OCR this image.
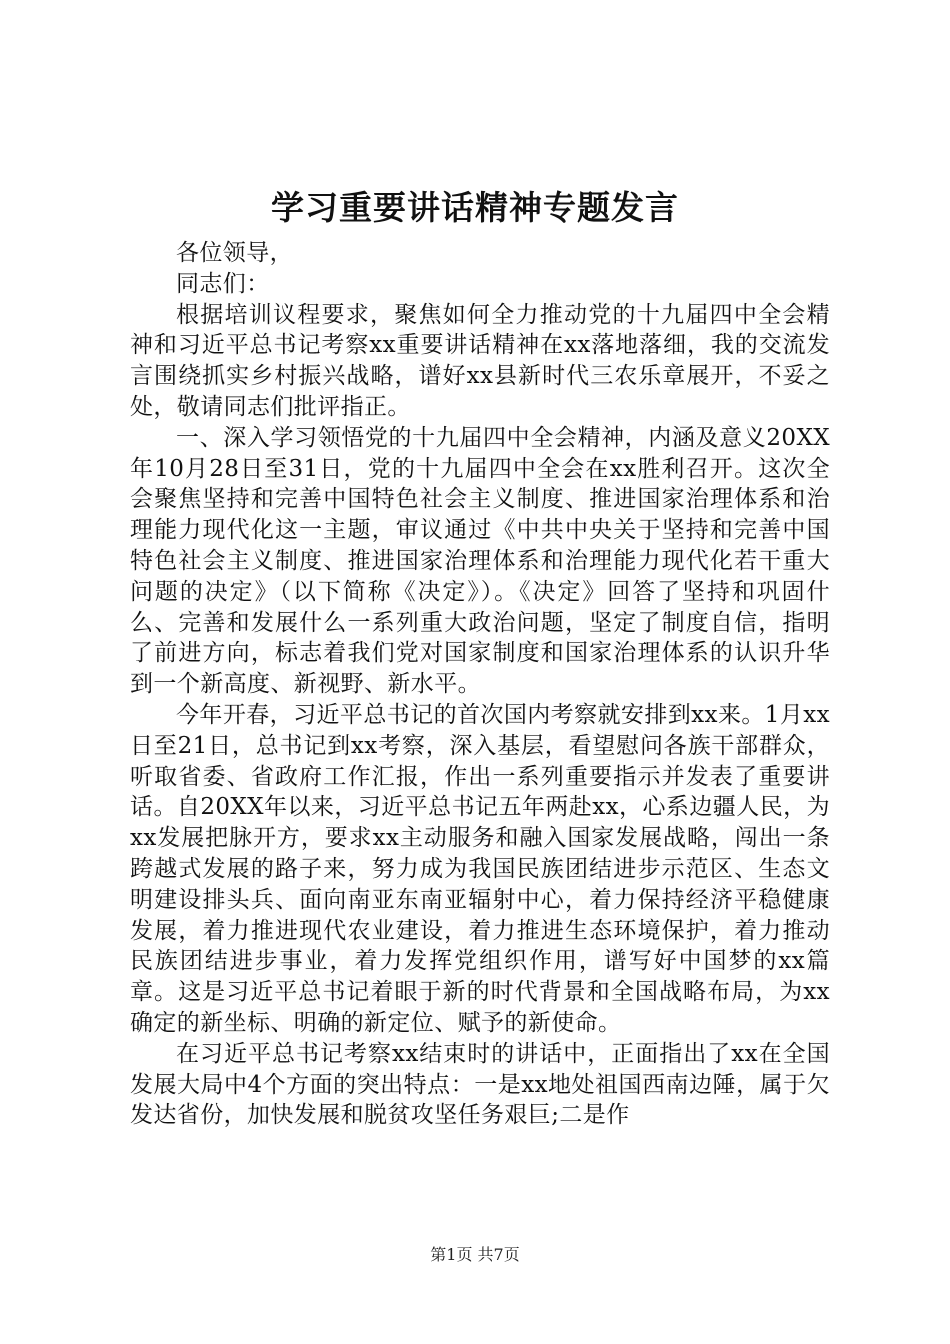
学习重要讲话精神专题发言

各位领导，

同志们：

根据培训议程要求，聚焦如何全力推动党的十九届四中全会精神和习近平总书记考察xx重要讲话精神在xx落地落细，我的交流发言围绕抓实乡村振兴战略，谱好xx县新时代三农乐章展开，不妥之处，敬请同志们批评指正。

一、深入学习领悟党的十九届四中全会精神，内涵及意义20XX年10月28日至31日，党的十九届四中全会在xx胜利召开。这次全会聚焦坚持和完善中国特色社会主义制度、推进国家治理体系和治理能力现代化这一主题，审议通过《中共中央关于坚持和完善中国特色社会主义制度、推进国家治理体系和治理能力现代化若干重大问题的决定》（以下简称《决定》）。《决定》回答了坚持和巩固什么、完善和发展什么一系列重大政治问题，坚定了制度自信，指明了前进方向，标志着我们党对国家制度和国家治理体系的认识升华到一个新高度、新视野、新水平。

今年开春，习近平总书记的首次国内考察就安排到xx来。1月xx日至21日，总书记到xx考察，深入基层，看望慰问各族干部群众，听取省委、省政府工作汇报，作出一系列重要指示并发表了重要讲话。自20XX年以来，习近平总书记五年两赴xx，心系边疆人民，为xx发展把脉开方，要求xx主动服务和融入国家发展战略，闯出一条跨越式发展的路子来，努力成为我国民族团结进步示范区、生态文明建设排头兵、面向南亚东南亚辐射中心，着力保持经济平稳健康发展，着力推进现代农业建设，着力推进生态环境保护，着力推动民族团结进步事业，着力发挥党组织作用，谱写好中国梦的xx篇章。这是习近平总书记着眼于新的时代背景和全国战略布局，为xx确定的新坐标、明确的新定位、赋予的新使命。

在习近平总书记考察xx结束时的讲话中，正面指出了xx在全国发展大局中4个方面的突出特点：一是xx地处祖国西南边陲，属于欠发达省份，加快发展和脱贫攻坚任务艰巨;二是作

第1页 共7页
